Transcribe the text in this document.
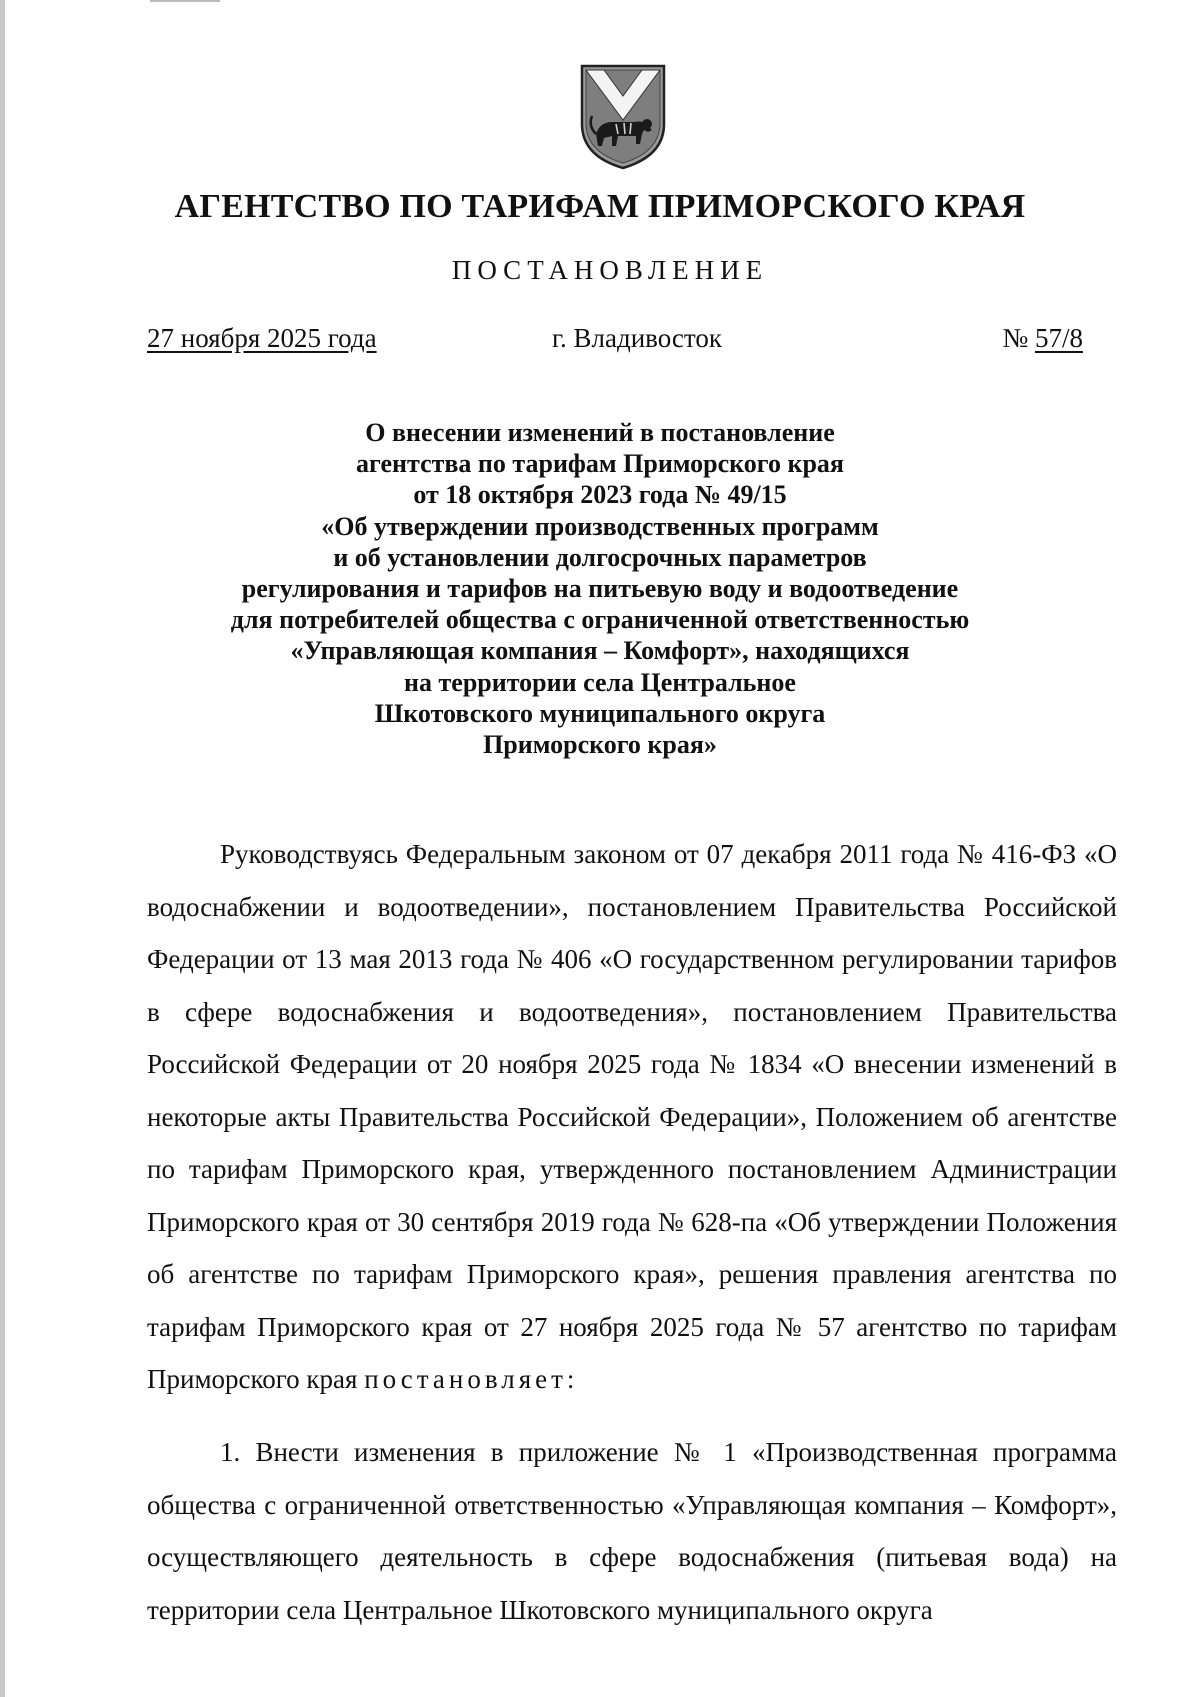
АГЕНТСТВО ПО ТАРИФАМ ПРИМОРСКОГО КРАЯ
ПОСТАНОВЛЕНИЕ
27 ноября 2025 года	г. Владивосток	№ 57/8
О внесении изменений в постановление
агентства по тарифам Приморского края
от 18 октября 2023 года № 49/15
«Об утверждении производственных программ
и об установлении долгосрочных параметров
регулирования и тарифов на питьевую воду и водоотведение
для потребителей общества с ограниченной ответственностью
«Управляющая компания – Комфорт», находящихся
на территории села Центральное
Шкотовского муниципального округа
Приморского края»
Руководствуясь Федеральным законом от 07 декабря 2011 года № 416-ФЗ «О водоснабжении и водоотведении», постановлением Правительства Российской Федерации от 13 мая 2013 года № 406 «О государственном регулировании тарифов в сфере водоснабжения и водоотведения», постановлением Правительства Российской Федерации от 20 ноября 2025 года № 1834 «О внесении изменений в некоторые акты Правительства Российской Федерации», Положением об агентстве по тарифам Приморского края, утвержденного постановлением Администрации Приморского края от 30 сентября 2019 года № 628-па «Об утверждении Положения об агентстве по тарифам Приморского края», решения правления агентства по тарифам Приморского края от 27 ноября 2025 года № 57 агентство по тарифам Приморского края постановляет:
1. Внести изменения в приложение № 1 «Производственная программа общества с ограниченной ответственностью «Управляющая компания – Комфорт», осуществляющего деятельность в сфере водоснабжения (питьевая вода) на территории села Центральное Шкотовского муниципального округа
